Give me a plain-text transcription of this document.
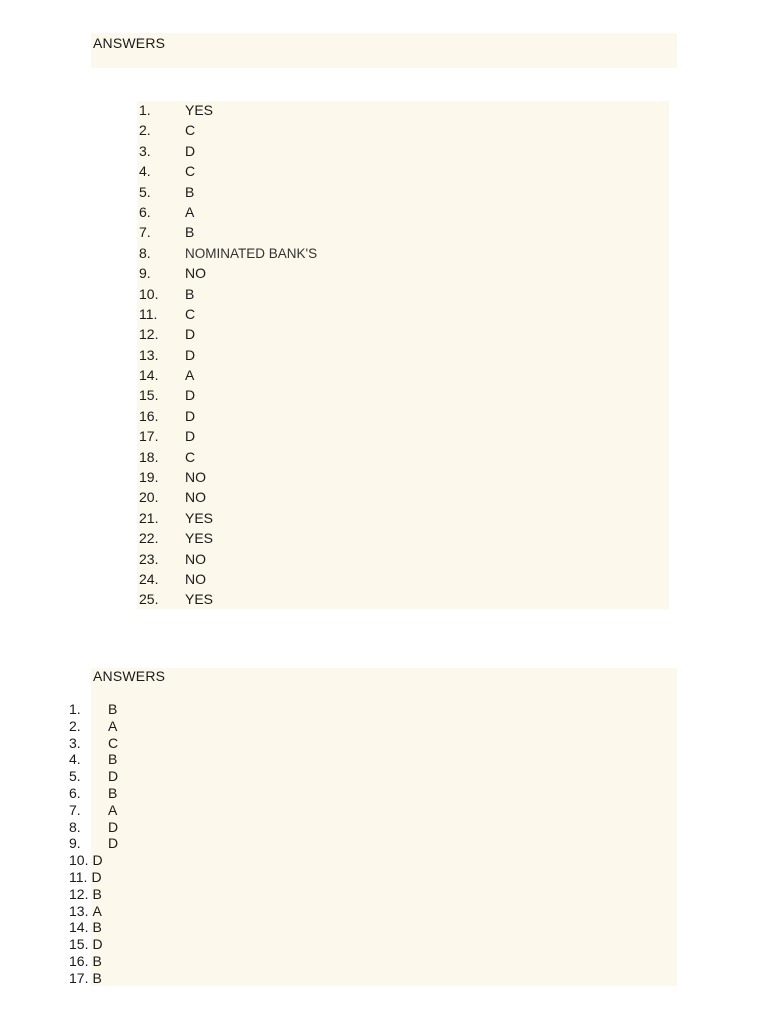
ANSWERS
1. YES
2. C
3. D
4. C
5. B
6. A
7. B
8.	NOMINATED BANK'S
9. NO
10. B
11. C
12. D
13. D
14. A
15. D
16. D
17. D
18. C
19. NO
20. NO
21. YES
22. YES
23. NO
24. NO
25. YES
ANSWERS
1. B
2. A
3. C
4. B
5. D
6. B
7. A
8. D
9. D
10. D
11. D
12. B
13. A
14. B
15. D
16. B
17. B
